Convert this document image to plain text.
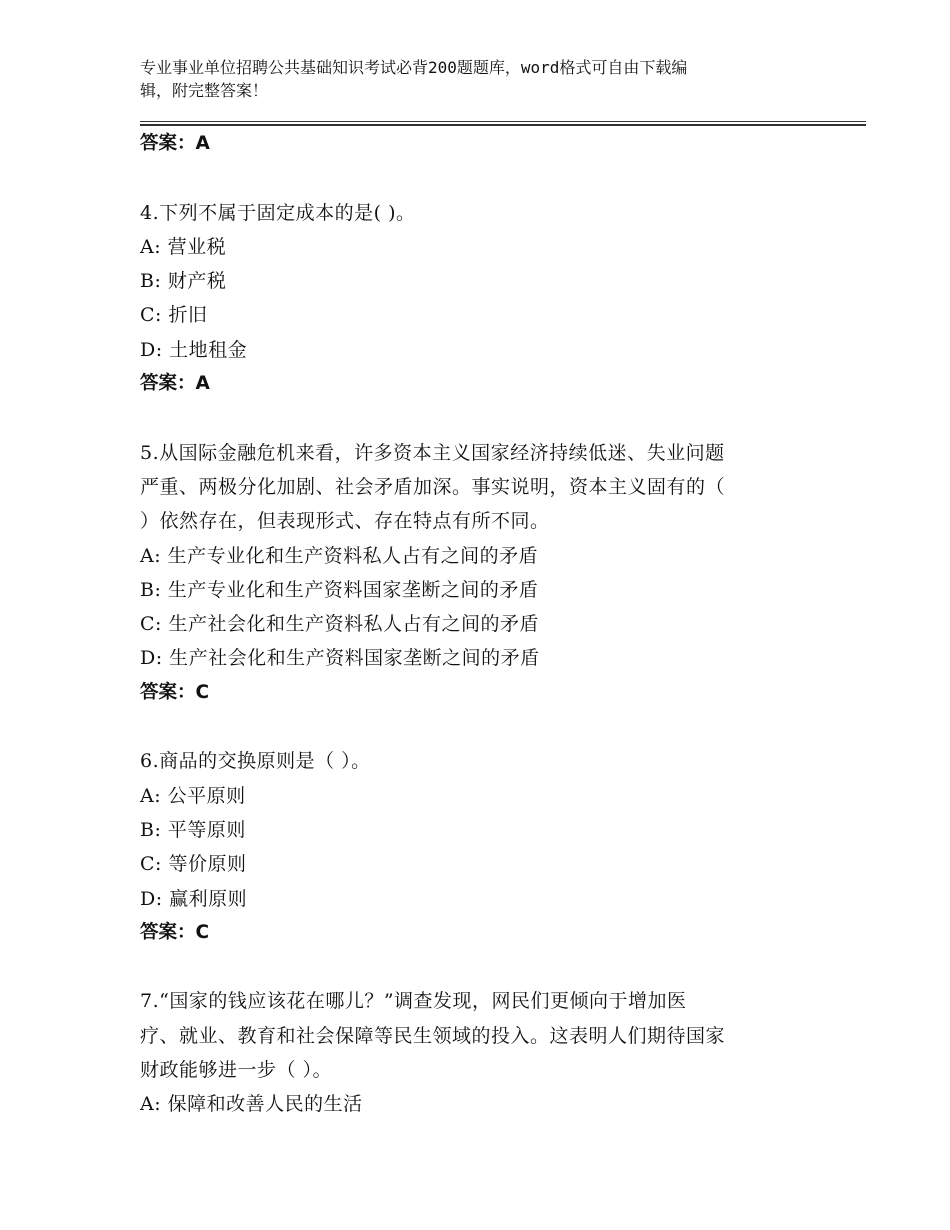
专业事业单位招聘公共基础知识考试必背200题题库，word格式可自由下载编
辑，附完整答案！
答案：A
4.下列不属于固定成本的是( )。
A: 营业税
B: 财产税
C: 折旧
D: 土地租金
答案：A
5.从国际金融危机来看，许多资本主义国家经济持续低迷、失业问题
严重、两极分化加剧、社会矛盾加深。事实说明，资本主义固有的（
）依然存在，但表现形式、存在特点有所不同。
A: 生产专业化和生产资料私人占有之间的矛盾
B: 生产专业化和生产资料国家垄断之间的矛盾
C: 生产社会化和生产资料私人占有之间的矛盾
D: 生产社会化和生产资料国家垄断之间的矛盾
答案：C
6.商品的交换原则是（ ）。
A: 公平原则
B: 平等原则
C: 等价原则
D: 赢利原则
答案：C
7.“国家的钱应该花在哪儿？”调查发现，网民们更倾向于增加医
疗、就业、教育和社会保障等民生领域的投入。这表明人们期待国家
财政能够进一步（ ）。
A: 保障和改善人民的生活
